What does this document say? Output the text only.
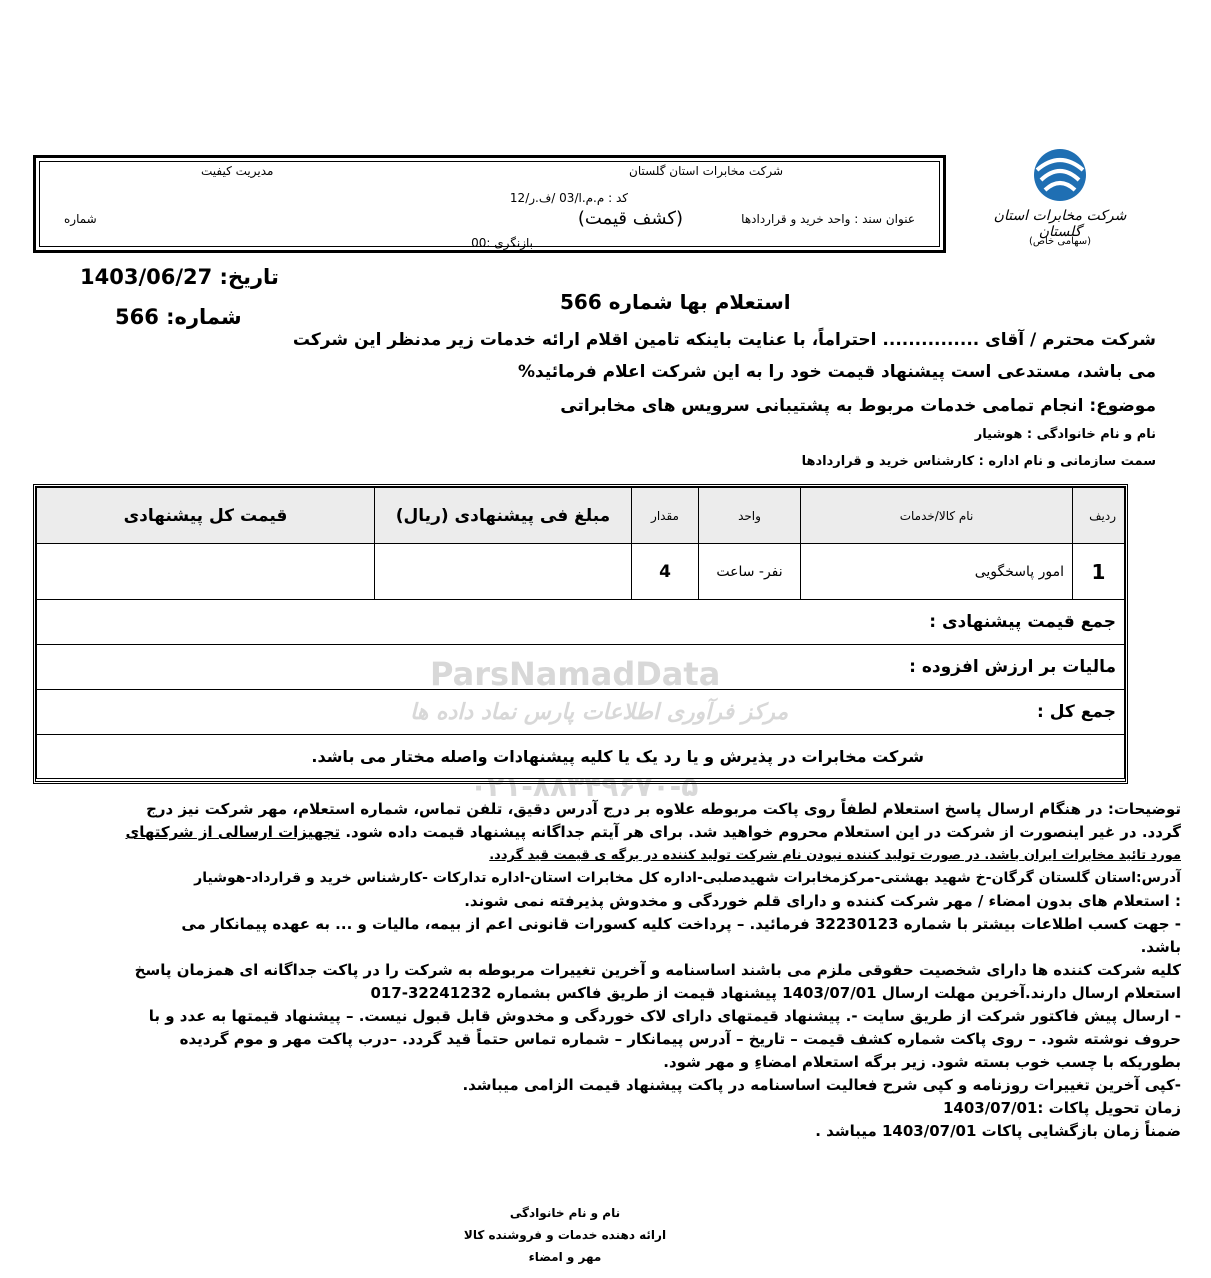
شرکت مخابرات استان گلستان
مدیریت کیفیت
کد : م.م.ا/03 /ف.ر/12
عنوان سند : واحد خرید و قراردادها
(کشف قیمت)
شماره
بازنگری :00
شرکت مخابرات استان گلستان
(سهامی خاص)
تاریخ: 1403/06/27
شماره: 566
استعلام بها شماره 566
شرکت محترم / آقای ............... احتراماً، با عنایت باینکه تامین اقلام ارائه خدمات زیر مدنظر این شرکت
می باشد، مستدعی است پیشنهاد قیمت خود را به این شرکت اعلام فرمائید%
موضوع: انجام تمامی خدمات مربوط به پشتیبانی سرویس های مخابراتی
نام و نام خانوادگی : هوشیار
سمت سازمانی و نام اداره : کارشناس خرید و قراردادها
ParsNamadData
مرکز فرآوری اطلاعات پارس نماد داده ها
۰۲۱-۸۸۳۴۹۶۷۰-۵
ردیف	نام کالا/خدمات	واحد	مقدار	مبلغ فی پیشنهادی (ریال)	قیمت کل پیشنهادی
1	امور پاسخگویی	نفر- ساعت	4		
جمع قیمت پیشنهادی :					
مالیات بر ارزش افزوده :					
جمع کل :					
شرکت مخابرات در پذیرش و یا رد یک یا کلیه پیشنهادات واصله مختار می باشد.					
توضیحات: در هنگام ارسال پاسخ استعلام لطفاً روی پاکت مربوطه علاوه بر درج آدرس دقیق، تلفن تماس، شماره استعلام، مهر شرکت نیز درج
گردد. در غیر اینصورت از شرکت در این استعلام محروم خواهید شد. برای هر آیتم جداگانه پیشنهاد قیمت داده شود. تجهیزات ارسالی از شرکتهای
مورد تائید مخابرات ایران باشد. در صورت تولید کننده نبودن نام شرکت تولید کننده در برگه ی قیمت قید گردد.
آدرس:استان گلستان گرگان-خ شهید بهشتی-مرکزمخابرات شهیدصلبی-اداره کل مخابرات استان-اداره تدارکات -کارشناس خرید و قرارداد-هوشیار
: استعلام های بدون امضاء / مهر شرکت کننده و دارای قلم خوردگی و مخدوش پذیرفته نمی شوند.
- جهت کسب اطلاعات بیشتر با شماره 32230123 فرمائید. – پرداخت کلیه کسورات قانونی اعم از بیمه، مالیات و ... به عهده پیمانکار می
باشد.
کلیه شرکت کننده ها دارای شخصیت حقوقی ملزم می باشند اساسنامه و آخرین تغییرات مربوطه به شرکت را در پاکت جداگانه ای همزمان پاسخ
استعلام ارسال دارند.آخرین مهلت ارسال 1403/07/01 پیشنهاد قیمت از طریق فاکس بشماره 32241232-017
- ارسال پیش فاکتور شرکت از طریق سایت -. پیشنهاد قیمتهای دارای لاک خوردگی و مخدوش قابل قبول نیست. – پیشنهاد قیمتها به عدد و با
حروف نوشته شود. – روی پاکت شماره کشف قیمت – تاریخ – آدرس پیمانکار – شماره تماس حتماً قید گردد. –درب پاکت مهر و موم گردیده
بطوریکه با چسب خوب بسته شود. زیر برگه استعلام امضاءِ و مهر شود.
-کپی آخرین تغییرات روزنامه و کپی شرح فعالیت اساسنامه در پاکت پیشنهاد قیمت الزامی میباشد.
زمان تحویل پاکات :1403/07/01
ضمناً زمان بازگشایی پاکات 1403/07/01 میباشد .
نام و نام خانوادگی
ارائه دهنده خدمات و فروشنده کالا
مهر و امضاء
